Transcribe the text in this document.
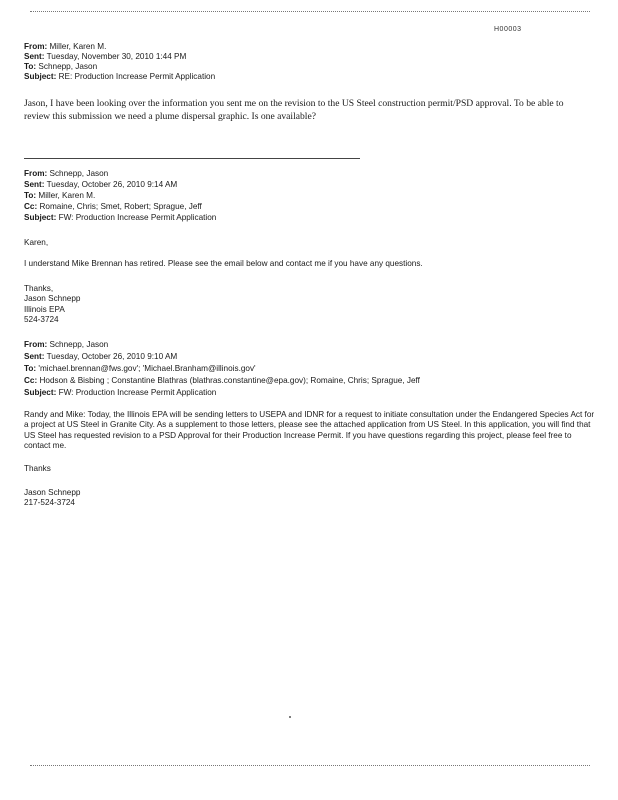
H00003
From: Miller, Karen M.
Sent: Tuesday, November 30, 2010 1:44 PM
To: Schnepp, Jason
Subject: RE: Production Increase Permit Application
Jason, I have been looking over the information you sent me on the revision to the US Steel construction permit/PSD approval. To be able to review this submission we need a plume dispersal graphic. Is one available?
From: Schnepp, Jason
Sent: Tuesday, October 26, 2010 9:14 AM
To: Miller, Karen M.
Cc: Romaine, Chris; Smet, Robert; Sprague, Jeff
Subject: FW: Production Increase Permit Application
Karen,
I understand Mike Brennan has retired. Please see the email below and contact me if you have any questions.
Thanks,
Jason Schnepp
Illinois EPA
524-3724
From: Schnepp, Jason
Sent: Tuesday, October 26, 2010 9:10 AM
To: 'michael.brennan@fws.gov'; 'Michael.Branham@illinois.gov'
Cc: Hodson & Bisbing ; Constantine Blathras (blathras.constantine@epa.gov); Romaine, Chris; Sprague, Jeff
Subject: FW: Production Increase Permit Application
Randy and Mike: Today, the Illinois EPA will be sending letters to USEPA and IDNR for a request to initiate consultation under the Endangered Species Act for a project at US Steel in Granite City. As a supplement to those letters, please see the attached application from US Steel. In this application, you will find that US Steel has requested revision to a PSD Approval for their Production Increase Permit. If you have questions regarding this project, please feel free to contact me.
Thanks
Jason Schnepp
217-524-3724
